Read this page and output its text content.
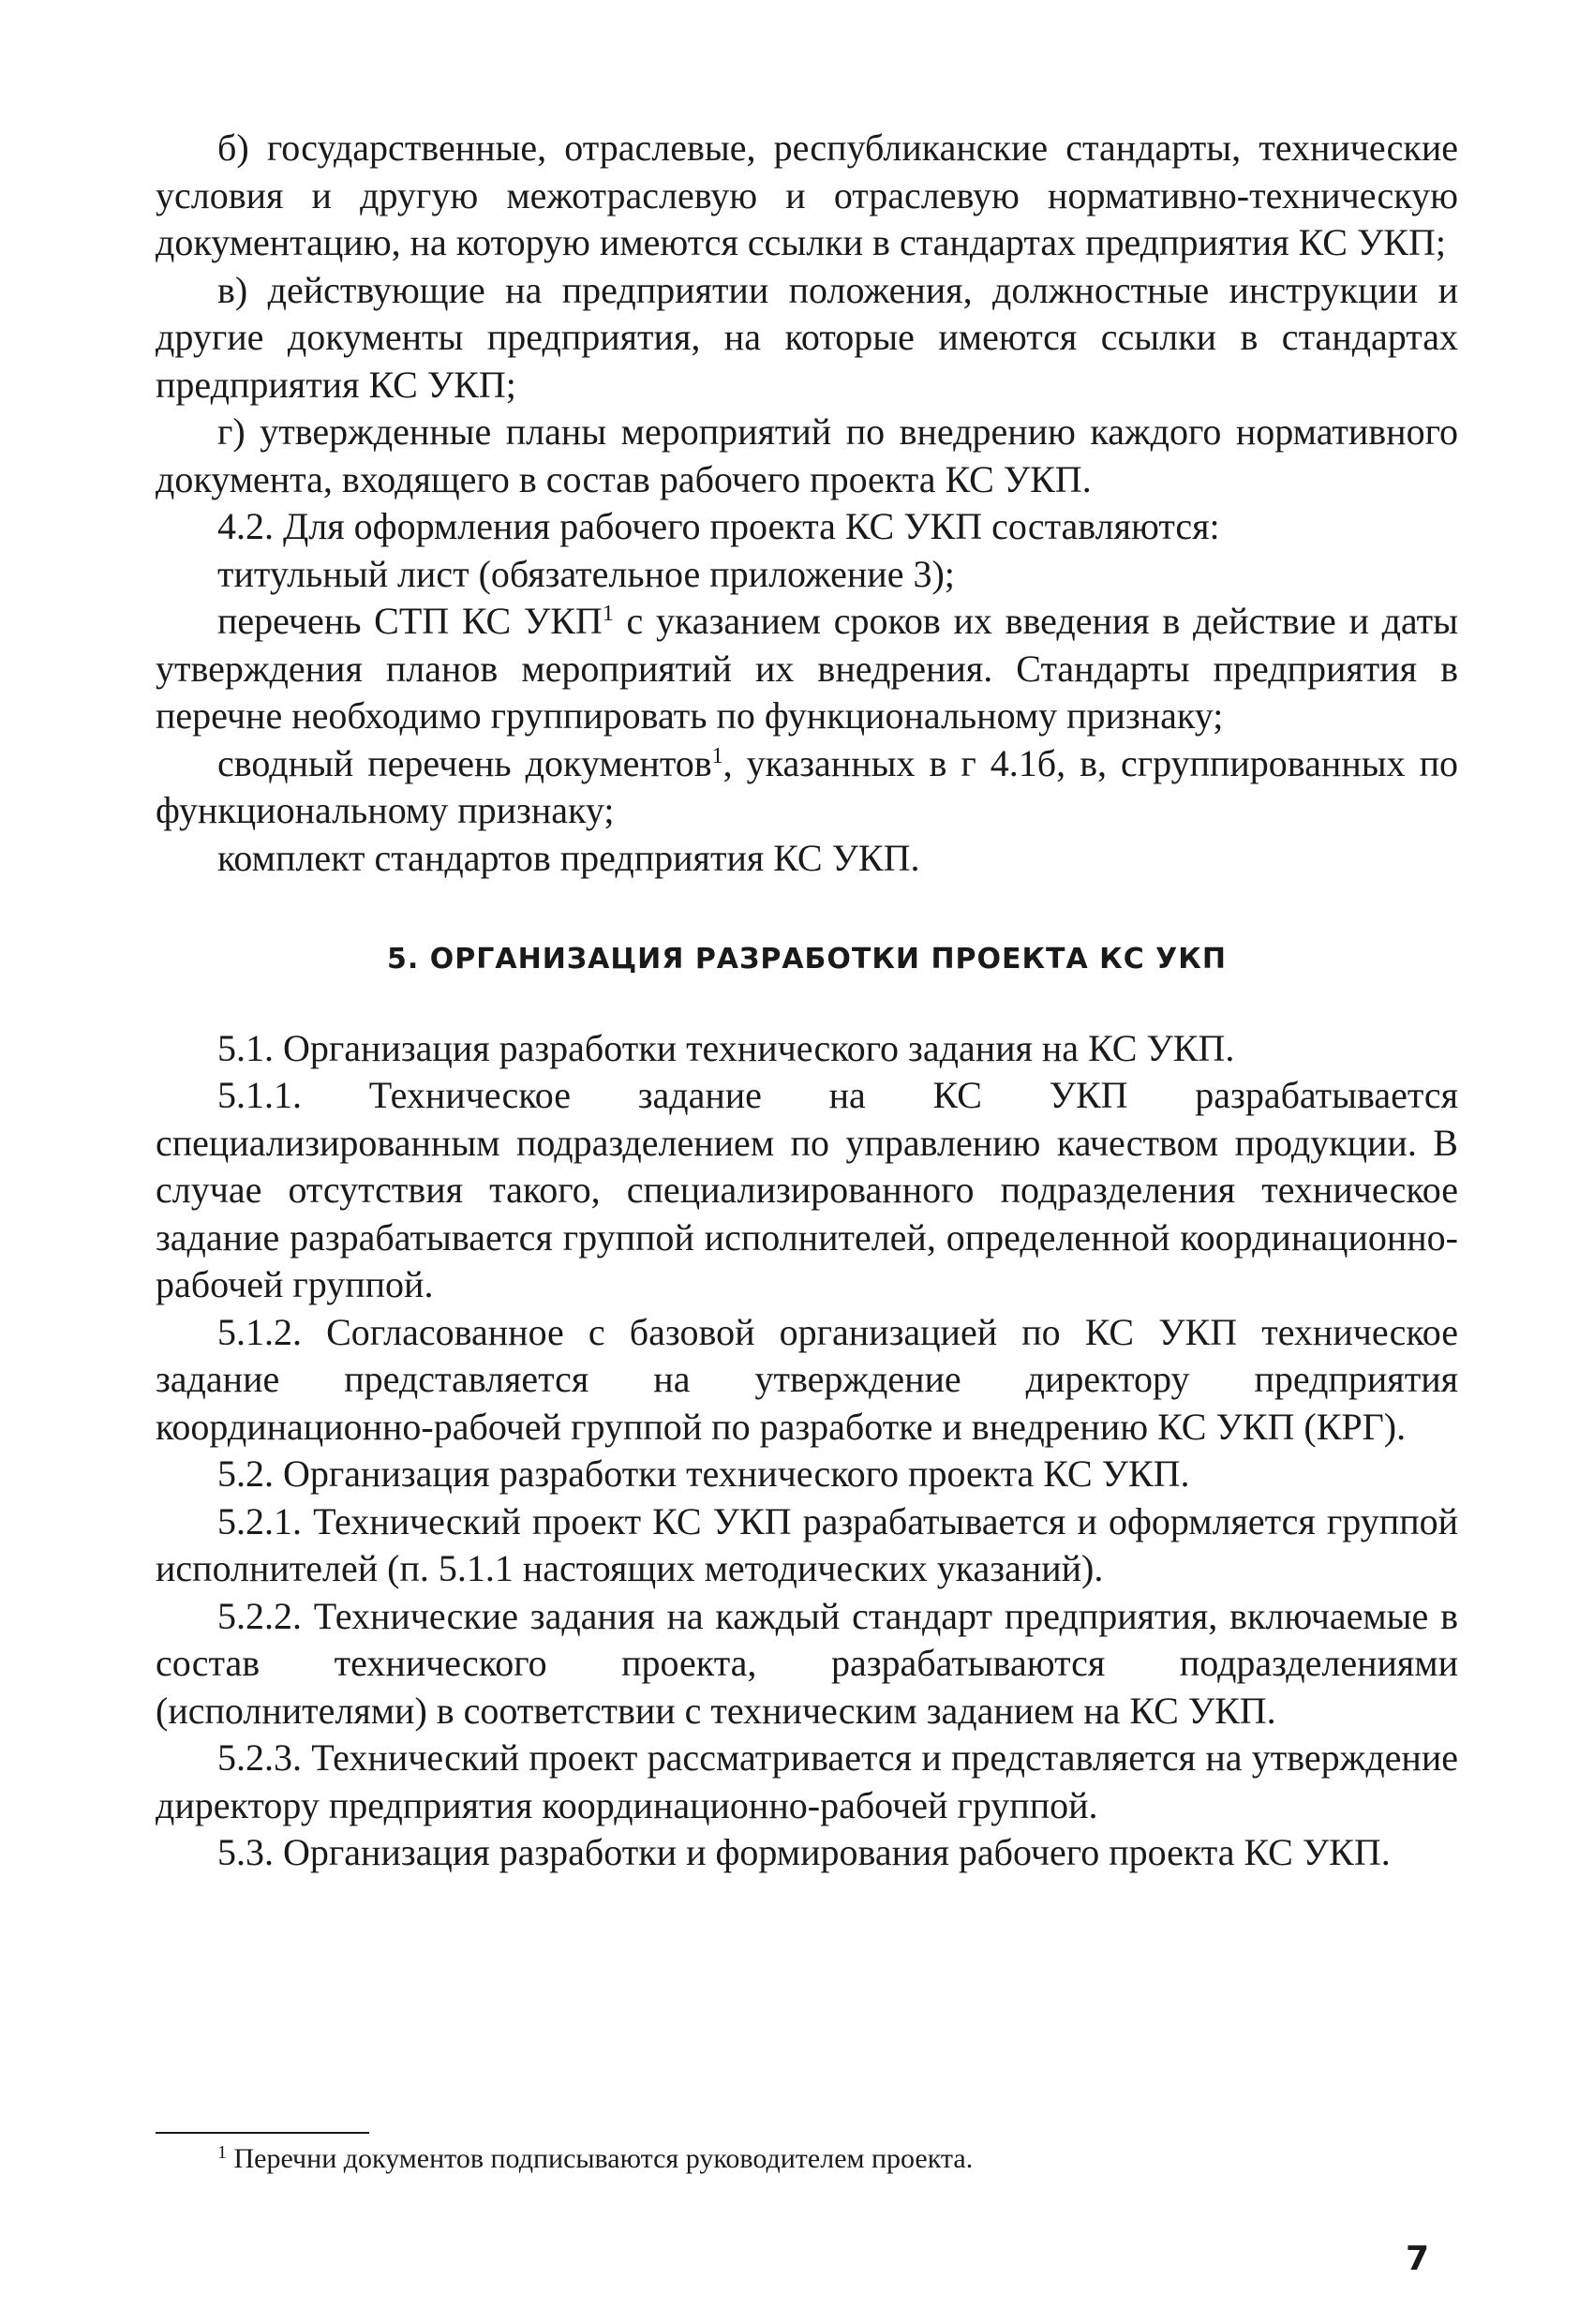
б) государственные, отраслевые, республиканские стандарты, технические условия и другую межотраслевую и отраслевую нормативно-техническую документацию, на которую имеются ссылки в стандартах предприятия КС УКП;

в) действующие на предприятии положения, должностные инструкции и другие документы предприятия, на которые имеются ссылки в стандартах предприятия КС УКП;

г) утвержденные планы мероприятий по внедрению каждого нормативного документа, входящего в состав рабочего проекта КС УКП.

4.2. Для оформления рабочего проекта КС УКП составляются:

титульный лист (обязательное приложение 3);

перечень СТП КС УКП$^1$ с указанием сроков их введения в действие и даты утверждения планов мероприятий их внедрения. Стандарты предприятия в перечне необходимо группировать по функциональному признаку;

сводный перечень документов$^1$, указанных в г 4.1б, в, сгруппированных по функциональному признаку;

комплект стандартов предприятия КС УКП.

5. ОРГАНИЗАЦИЯ РАЗРАБОТКИ ПРОЕКТА КС УКП

5.1. Организация разработки технического задания на КС УКП.

5.1.1. Техническое задание на КС УКП разрабатывается специализированным подразделением по управлению качеством продукции. В случае отсутствия такого, специализированного подразделения техническое задание разрабатывается группой исполнителей, определенной координационно-рабочей группой.

5.1.2. Согласованное с базовой организацией по КС УКП техническое задание представляется на утверждение директору предприятия координационно-рабочей группой по разработке и внедрению КС УКП (КРГ).

5.2. Организация разработки технического проекта КС УКП.

5.2.1. Технический проект КС УКП разрабатывается и оформляется группой исполнителей (п. 5.1.1 настоящих методических указаний).

5.2.2. Технические задания на каждый стандарт предприятия, включаемые в состав технического проекта, разрабатываются подразделениями (исполнителями) в соответствии с техническим заданием на КС УКП.

5.2.3. Технический проект рассматривается и представляется на утверждение директору предприятия координационно-рабочей группой.

5.3. Организация разработки и формирования рабочего проекта КС УКП.

$^1$ Перечни документов подписываются руководителем проекта.
7
